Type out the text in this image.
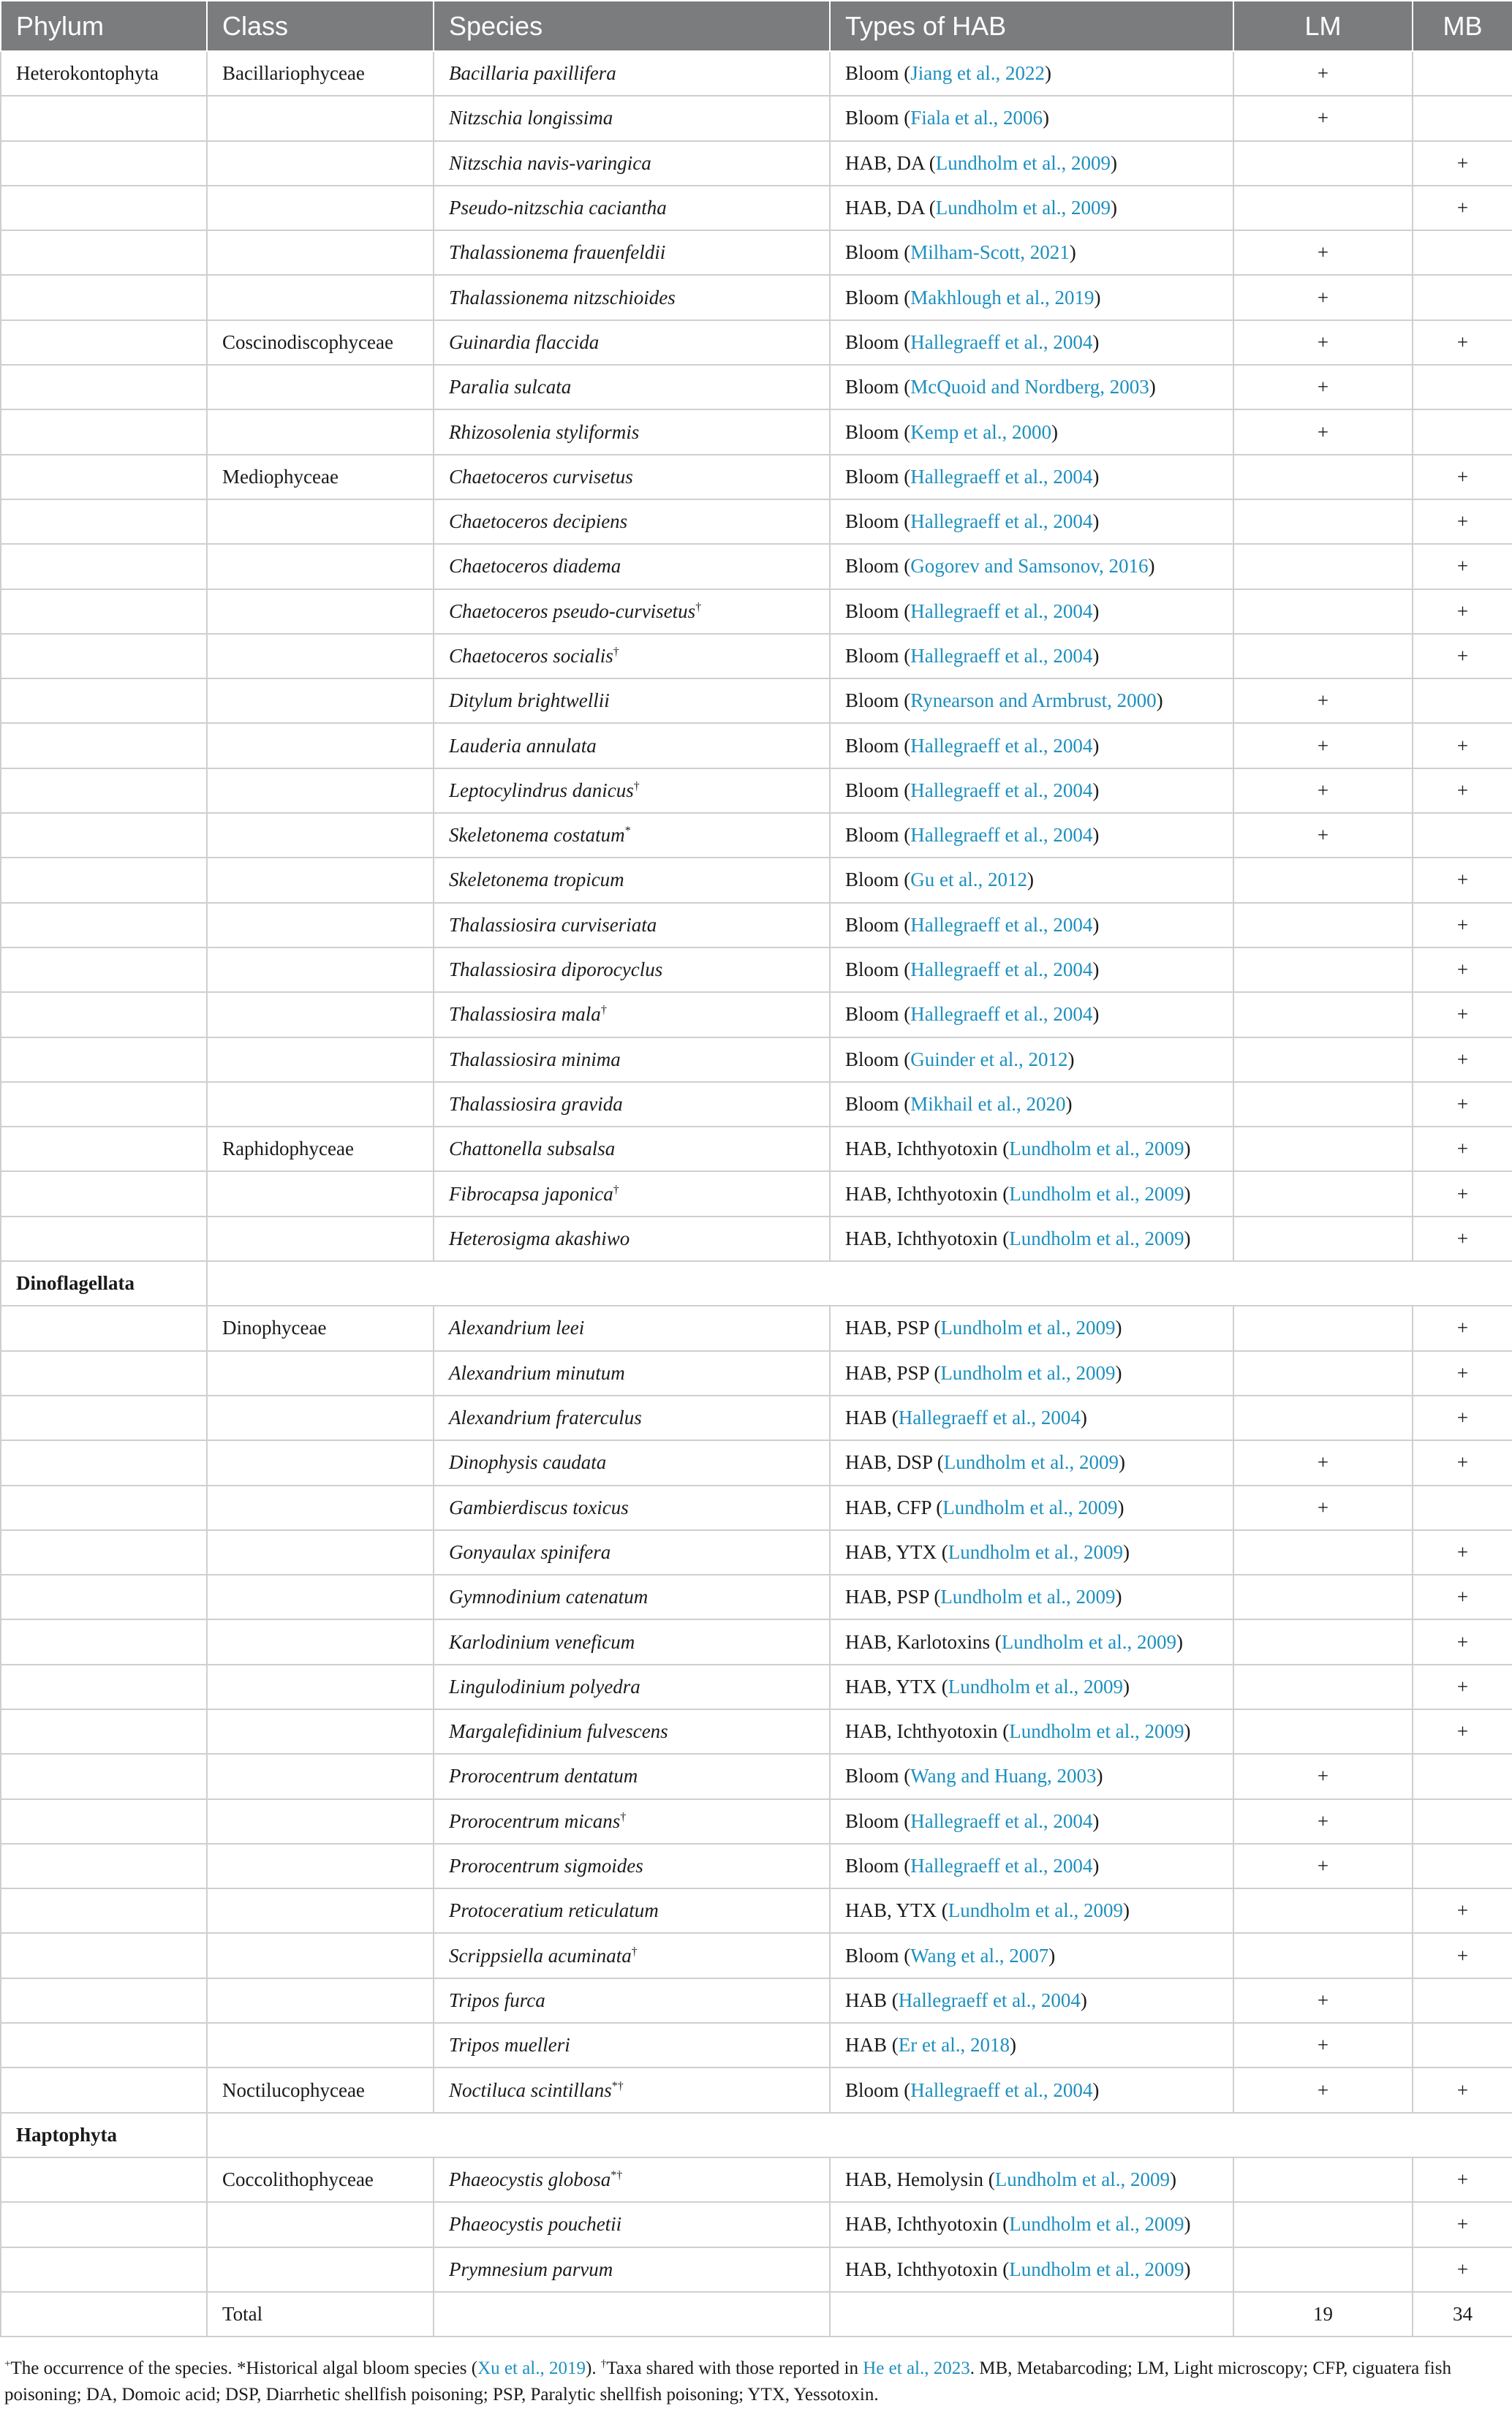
Phylum	Class	Species	Types of HAB	LM	MB
Heterokontophyta	Bacillariophyceae	Bacillaria paxillifera	Bloom (Jiang et al., 2022)	+	
		Nitzschia longissima	Bloom (Fiala et al., 2006)	+	
		Nitzschia navis-varingica	HAB, DA (Lundholm et al., 2009)		+
		Pseudo-nitzschia caciantha	HAB, DA (Lundholm et al., 2009)		+
		Thalassionema frauenfeldii	Bloom (Milham-Scott, 2021)	+	
		Thalassionema nitzschioides	Bloom (Makhlough et al., 2019)	+	
	Coscinodiscophyceae	Guinardia flaccida	Bloom (Hallegraeff et al., 2004)	+	+
		Paralia sulcata	Bloom (McQuoid and Nordberg, 2003)	+	
		Rhizosolenia styliformis	Bloom (Kemp et al., 2000)	+	
	Mediophyceae	Chaetoceros curvisetus	Bloom (Hallegraeff et al., 2004)		+
		Chaetoceros decipiens	Bloom (Hallegraeff et al., 2004)		+
		Chaetoceros diadema	Bloom (Gogorev and Samsonov, 2016)		+
		Chaetoceros pseudo-curvisetus†	Bloom (Hallegraeff et al., 2004)		+
		Chaetoceros socialis†	Bloom (Hallegraeff et al., 2004)		+
		Ditylum brightwellii	Bloom (Rynearson and Armbrust, 2000)	+	
		Lauderia annulata	Bloom (Hallegraeff et al., 2004)	+	+
		Leptocylindrus danicus†	Bloom (Hallegraeff et al., 2004)	+	+
		Skeletonema costatum*	Bloom (Hallegraeff et al., 2004)	+	
		Skeletonema tropicum	Bloom (Gu et al., 2012)		+
		Thalassiosira curviseriata	Bloom (Hallegraeff et al., 2004)		+
		Thalassiosira diporocyclus	Bloom (Hallegraeff et al., 2004)		+
		Thalassiosira mala†	Bloom (Hallegraeff et al., 2004)		+
		Thalassiosira minima	Bloom (Guinder et al., 2012)		+
		Thalassiosira gravida	Bloom (Mikhail et al., 2020)		+
	Raphidophyceae	Chattonella subsalsa	HAB, Ichthyotoxin (Lundholm et al., 2009)		+
		Fibrocapsa japonica†	HAB, Ichthyotoxin (Lundholm et al., 2009)		+
		Heterosigma akashiwo	HAB, Ichthyotoxin (Lundholm et al., 2009)		+
Dinoflagellata					
	Dinophyceae	Alexandrium leei	HAB, PSP (Lundholm et al., 2009)		+
		Alexandrium minutum	HAB, PSP (Lundholm et al., 2009)		+
		Alexandrium fraterculus	HAB (Hallegraeff et al., 2004)		+
		Dinophysis caudata	HAB, DSP (Lundholm et al., 2009)	+	+
		Gambierdiscus toxicus	HAB, CFP (Lundholm et al., 2009)	+	
		Gonyaulax spinifera	HAB, YTX (Lundholm et al., 2009)		+
		Gymnodinium catenatum	HAB, PSP (Lundholm et al., 2009)		+
		Karlodinium veneficum	HAB, Karlotoxins (Lundholm et al., 2009)		+
		Lingulodinium polyedra	HAB, YTX (Lundholm et al., 2009)		+
		Margalefidinium fulvescens	HAB, Ichthyotoxin (Lundholm et al., 2009)		+
		Prorocentrum dentatum	Bloom (Wang and Huang, 2003)	+	
		Prorocentrum micans†	Bloom (Hallegraeff et al., 2004)	+	
		Prorocentrum sigmoides	Bloom (Hallegraeff et al., 2004)	+	
		Protoceratium reticulatum	HAB, YTX (Lundholm et al., 2009)		+
		Scrippsiella acuminata†	Bloom (Wang et al., 2007)		+
		Tripos furca	HAB (Hallegraeff et al., 2004)	+	
		Tripos muelleri	HAB (Er et al., 2018)	+	
	Noctilucophyceae	Noctiluca scintillans*†	Bloom (Hallegraeff et al., 2004)	+	+
Haptophyta					
	Coccolithophyceae	Phaeocystis globosa*†	HAB, Hemolysin (Lundholm et al., 2009)		+
		Phaeocystis pouchetii	HAB, Ichthyotoxin (Lundholm et al., 2009)		+
		Prymnesium parvum	HAB, Ichthyotoxin (Lundholm et al., 2009)		+
	Total			19	34
+The occurrence of the species. *Historical algal bloom species (Xu et al., 2019). †Taxa shared with those reported in He et al., 2023. MB, Metabarcoding; LM, Light microscopy; CFP, ciguatera fish poisoning; DA, Domoic acid; DSP, Diarrhetic shellfish poisoning; PSP, Paralytic shellfish poisoning; YTX, Yessotoxin.
